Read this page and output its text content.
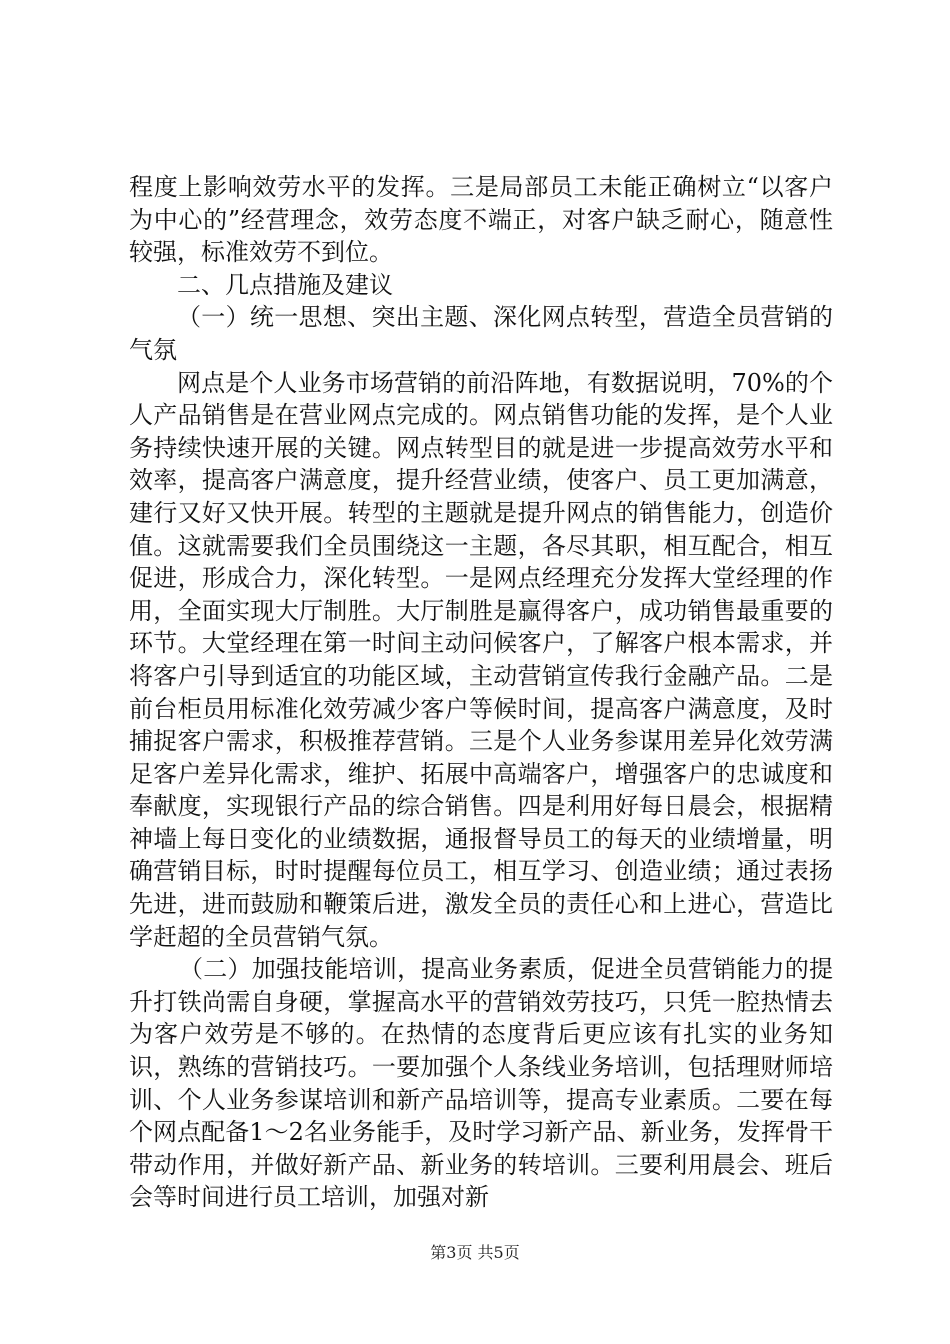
程度上影响效劳水平的发挥。三是局部员工未能正确树立“以客户为中心的”经营理念，效劳态度不端正，对客户缺乏耐心，随意性较强，标准效劳不到位。

二、几点措施及建议

（一）统一思想、突出主题、深化网点转型，营造全员营销的气氛

网点是个人业务市场营销的前沿阵地，有数据说明，70%的个人产品销售是在营业网点完成的。网点销售功能的发挥，是个人业务持续快速开展的关键。网点转型目的就是进一步提高效劳水平和效率，提高客户满意度，提升经营业绩，使客户、员工更加满意，建行又好又快开展。转型的主题就是提升网点的销售能力，创造价值。这就需要我们全员围绕这一主题，各尽其职，相互配合，相互促进，形成合力，深化转型。一是网点经理充分发挥大堂经理的作用，全面实现大厅制胜。大厅制胜是赢得客户，成功销售最重要的环节。大堂经理在第一时间主动问候客户，了解客户根本需求，并将客户引导到适宜的功能区域，主动营销宣传我行金融产品。二是前台柜员用标准化效劳减少客户等候时间，提高客户满意度，及时捕捉客户需求，积极推荐营销。三是个人业务参谋用差异化效劳满足客户差异化需求，维护、拓展中高端客户，增强客户的忠诚度和奉献度，实现银行产品的综合销售。四是利用好每日晨会，根据精神墙上每日变化的业绩数据，通报督导员工的每天的业绩增量，明确营销目标，时时提醒每位员工，相互学习、创造业绩；通过表扬先进，进而鼓励和鞭策后进，激发全员的责任心和上进心，营造比学赶超的全员营销气氛。

（二）加强技能培训，提高业务素质，促进全员营销能力的提升打铁尚需自身硬，掌握高水平的营销效劳技巧，只凭一腔热情去为客户效劳是不够的。在热情的态度背后更应该有扎实的业务知识，熟练的营销技巧。一要加强个人条线业务培训，包括理财师培训、个人业务参谋培训和新产品培训等，提高专业素质。二要在每个网点配备1～2名业务能手，及时学习新产品、新业务，发挥骨干带动作用，并做好新产品、新业务的转培训。三要利用晨会、班后会等时间进行员工培训，加强对新

第3页 共5页
